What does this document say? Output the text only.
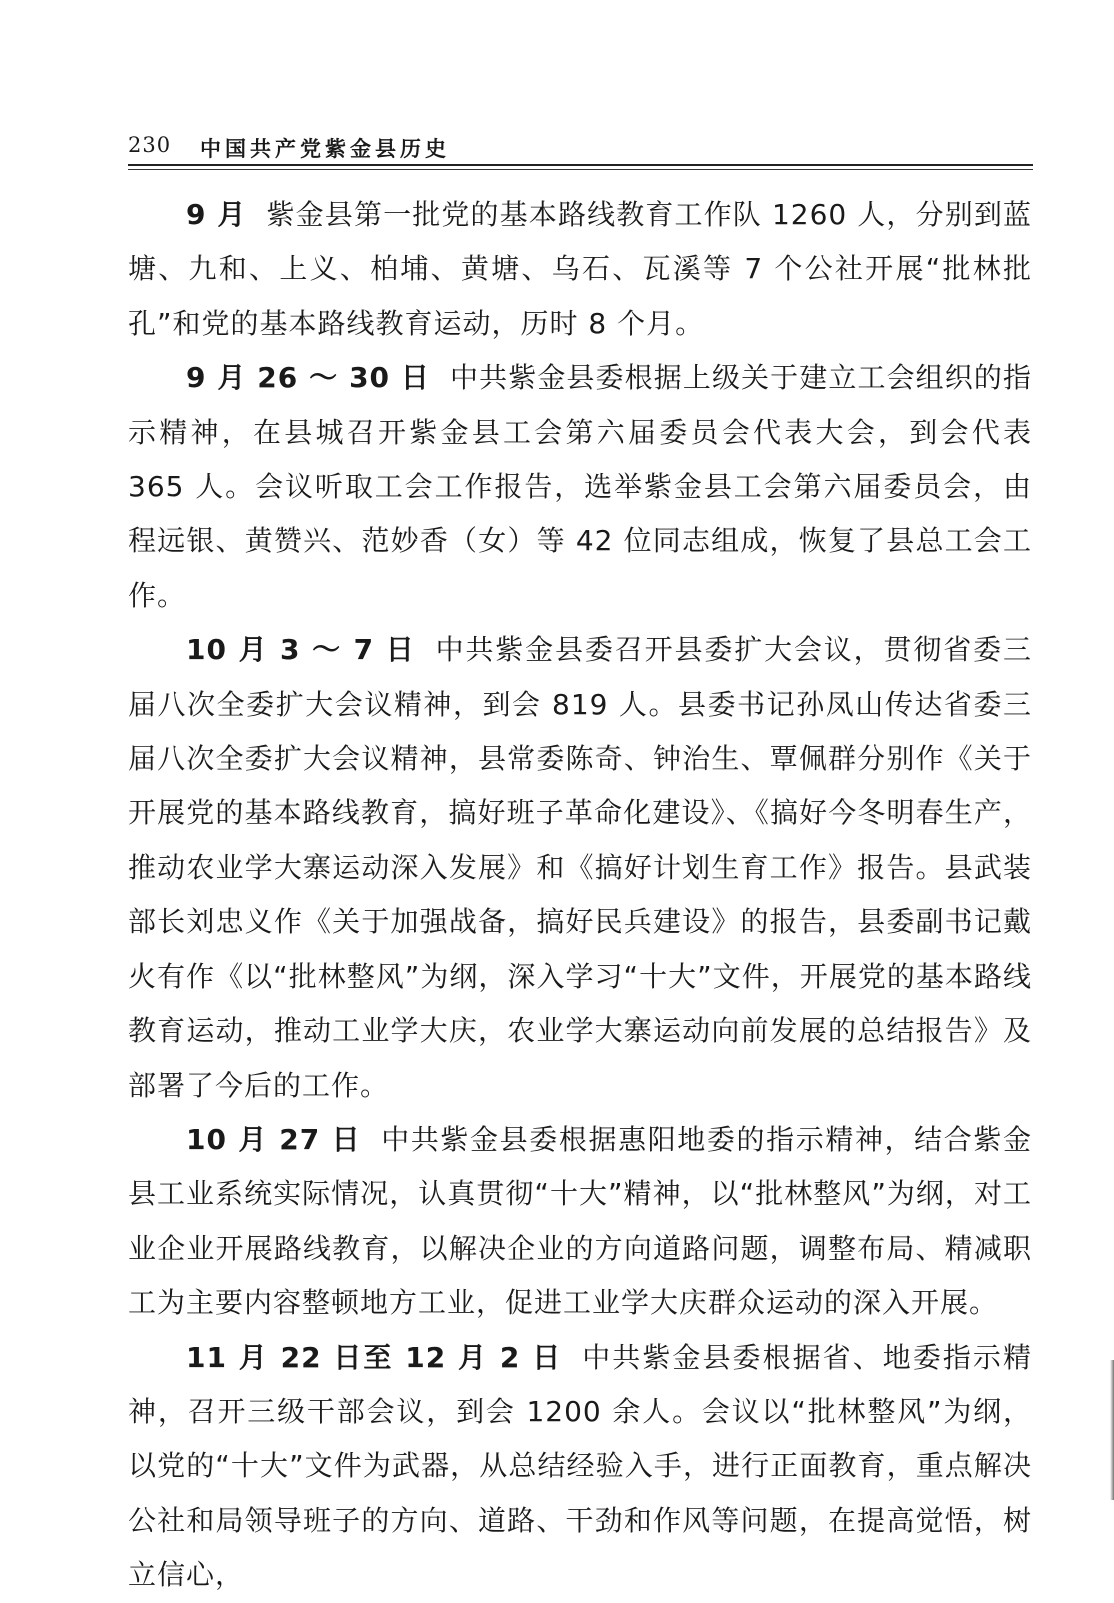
230 中国共产党紫金县历史

9 月 紫金县第一批党的基本路线教育工作队 1260 人，分别到蓝塘、九和、上义、柏埔、黄塘、乌石、瓦溪等 7 个公社开展“批林批孔”和党的基本路线教育运动，历时 8 个月。

9 月 26 ～ 30 日 中共紫金县委根据上级关于建立工会组织的指示精神，在县城召开紫金县工会第六届委员会代表大会，到会代表 365 人。会议听取工会工作报告，选举紫金县工会第六届委员会，由程远银、黄赞兴、范妙香（女）等 42 位同志组成，恢复了县总工会工作。

10 月 3 ～ 7 日 中共紫金县委召开县委扩大会议，贯彻省委三届八次全委扩大会议精神，到会 819 人。县委书记孙凤山传达省委三届八次全委扩大会议精神，县常委陈奇、钟治生、覃佩群分别作《关于开展党的基本路线教育，搞好班子革命化建设》、《搞好今冬明春生产，推动农业学大寨运动深入发展》和《搞好计划生育工作》报告。县武装部长刘忠义作《关于加强战备，搞好民兵建设》的报告，县委副书记戴火有作《以“批林整风”为纲，深入学习“十大”文件，开展党的基本路线教育运动，推动工业学大庆，农业学大寨运动向前发展的总结报告》及部署了今后的工作。

10 月 27 日 中共紫金县委根据惠阳地委的指示精神，结合紫金县工业系统实际情况，认真贯彻“十大”精神，以“批林整风”为纲，对工业企业开展路线教育，以解决企业的方向道路问题，调整布局、精减职工为主要内容整顿地方工业，促进工业学大庆群众运动的深入开展。

11 月 22 日至 12 月 2 日 中共紫金县委根据省、地委指示精神，召开三级干部会议，到会 1200 余人。会议以“批林整风”为纲，以党的“十大”文件为武器，从总结经验入手，进行正面教育，重点解决公社和局领导班子的方向、道路、干劲和作风等问题，在提高觉悟，树立信心，
